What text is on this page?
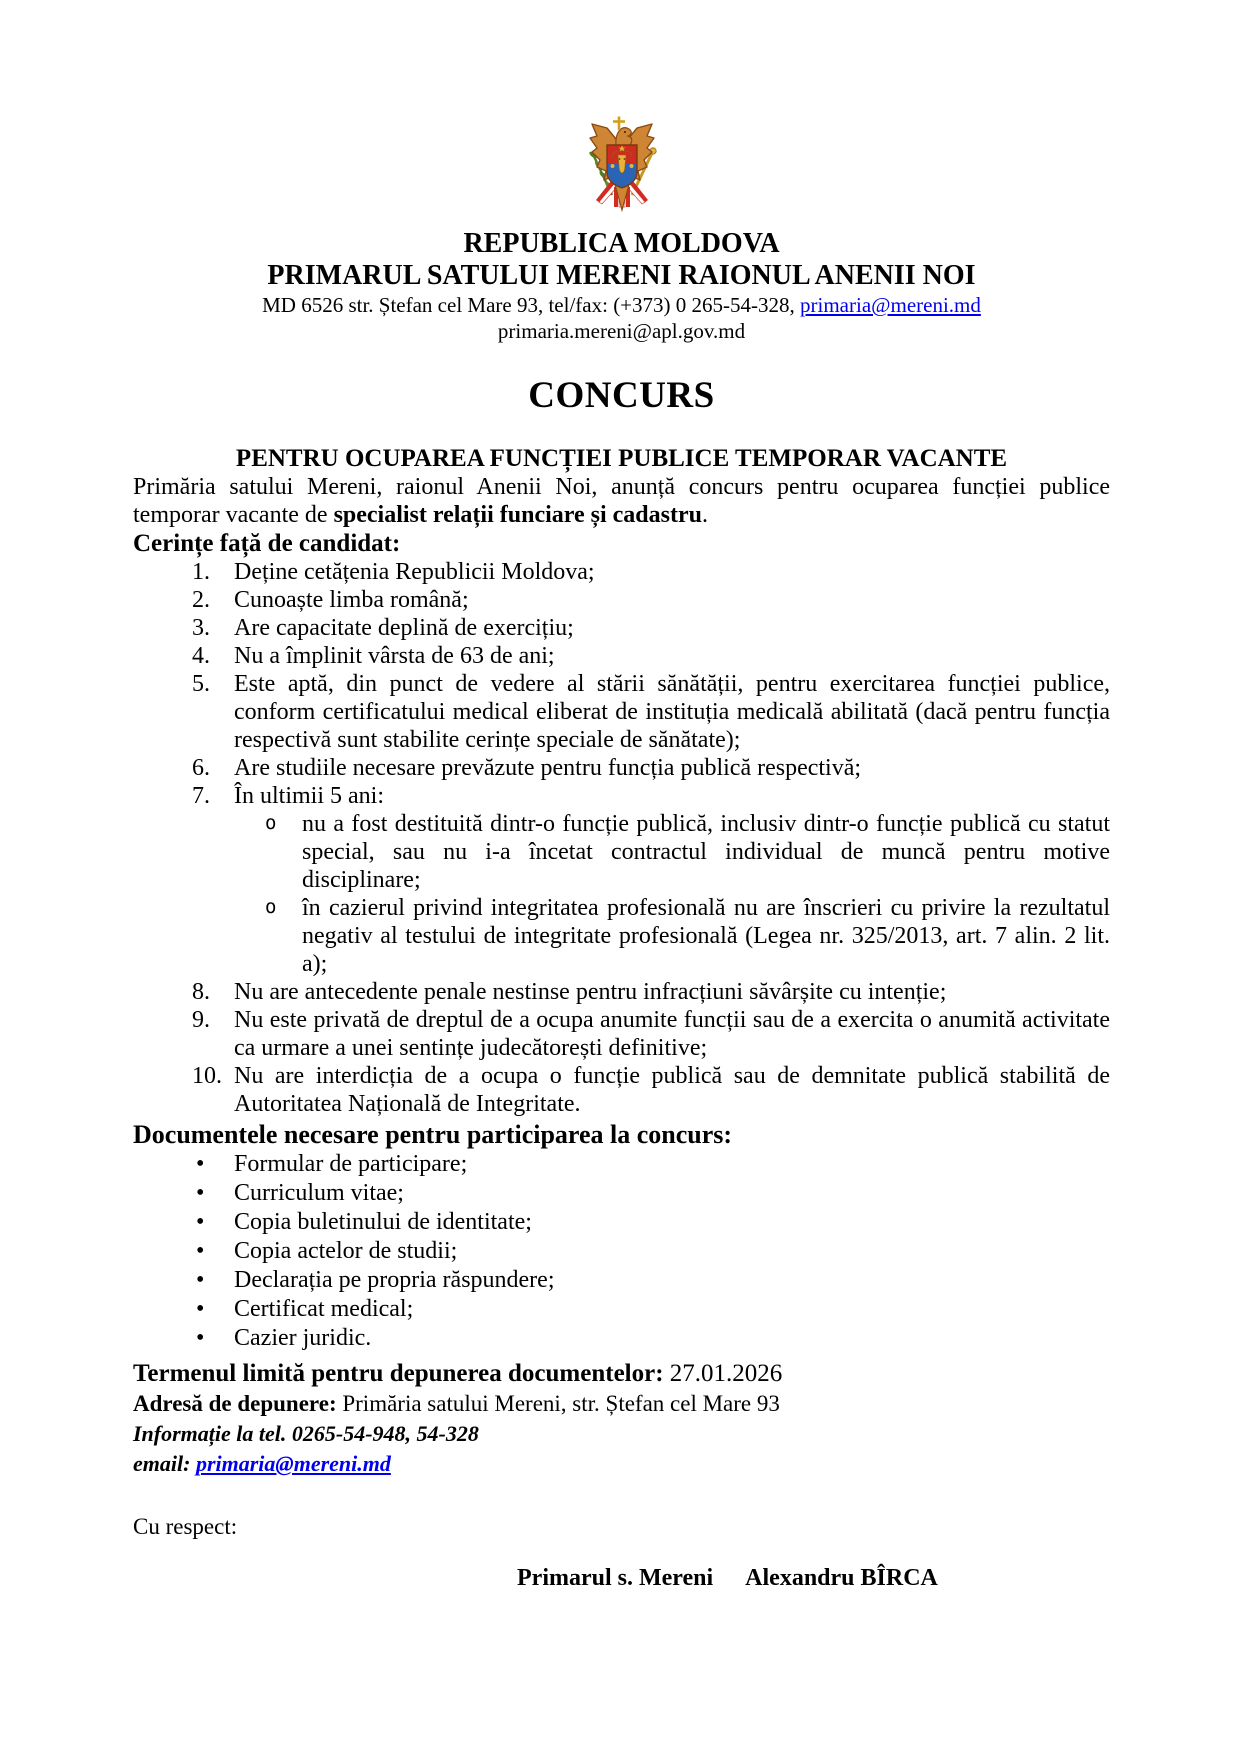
REPUBLICA MOLDOVA
PRIMARUL SATULUI MERENI RAIONUL ANENII NOI
MD 6526 str. Ștefan cel Mare 93, tel/fax: (+373) 0 265-54-328, primaria@mereni.md
primaria.mereni@apl.gov.md
CONCURS
PENTRU OCUPAREA FUNCȚIEI PUBLICE TEMPORAR VACANTE
Primăria satului Mereni, raionul Anenii Noi, anunță concurs pentru ocuparea funcției publice temporar vacante de specialist relații funciare și cadastru.
Cerințe față de candidat:
Deține cetățenia Republicii Moldova;
Cunoaște limba română;
Are capacitate deplină de exercițiu;
Nu a împlinit vârsta de 63 de ani;
Este aptă, din punct de vedere al stării sănătății, pentru exercitarea funcției publice, conform certificatului medical eliberat de instituția medicală abilitată (dacă pentru funcția respectivă sunt stabilite cerințe speciale de sănătate);
Are studiile necesare prevăzute pentru funcția publică respectivă;
În ultimii 5 ani:
o nu a fost destituită dintr-o funcție publică, inclusiv dintr-o funcție publică cu statut special, sau nu i-a încetat contractul individual de muncă pentru motive disciplinare;
o în cazierul privind integritatea profesională nu are înscrieri cu privire la rezultatul negativ al testului de integritate profesională (Legea nr. 325/2013, art. 7 alin. 2 lit. a);
Nu are antecedente penale nestinse pentru infracțiuni săvârșite cu intenție;
Nu este privată de dreptul de a ocupa anumite funcții sau de a exercita o anumită activitate ca urmare a unei sentințe judecătorești definitive;
Nu are interdicția de a ocupa o funcție publică sau de demnitate publică stabilită de Autoritatea Națională de Integritate.
Documentele necesare pentru participarea la concurs:
• Formular de participare;
• Curriculum vitae;
• Copia buletinului de identitate;
• Copia actelor de studii;
• Declarația pe propria răspundere;
• Certificat medical;
• Cazier juridic.
Termenul limită pentru depunerea documentelor: 27.01.2026
Adresă de depunere: Primăria satului Mereni, str. Ștefan cel Mare 93
Informație la tel. 0265-54-948, 54-328
email: primaria@mereni.md
Cu respect:
Primarul s. Mereni Alexandru BÎRCA
